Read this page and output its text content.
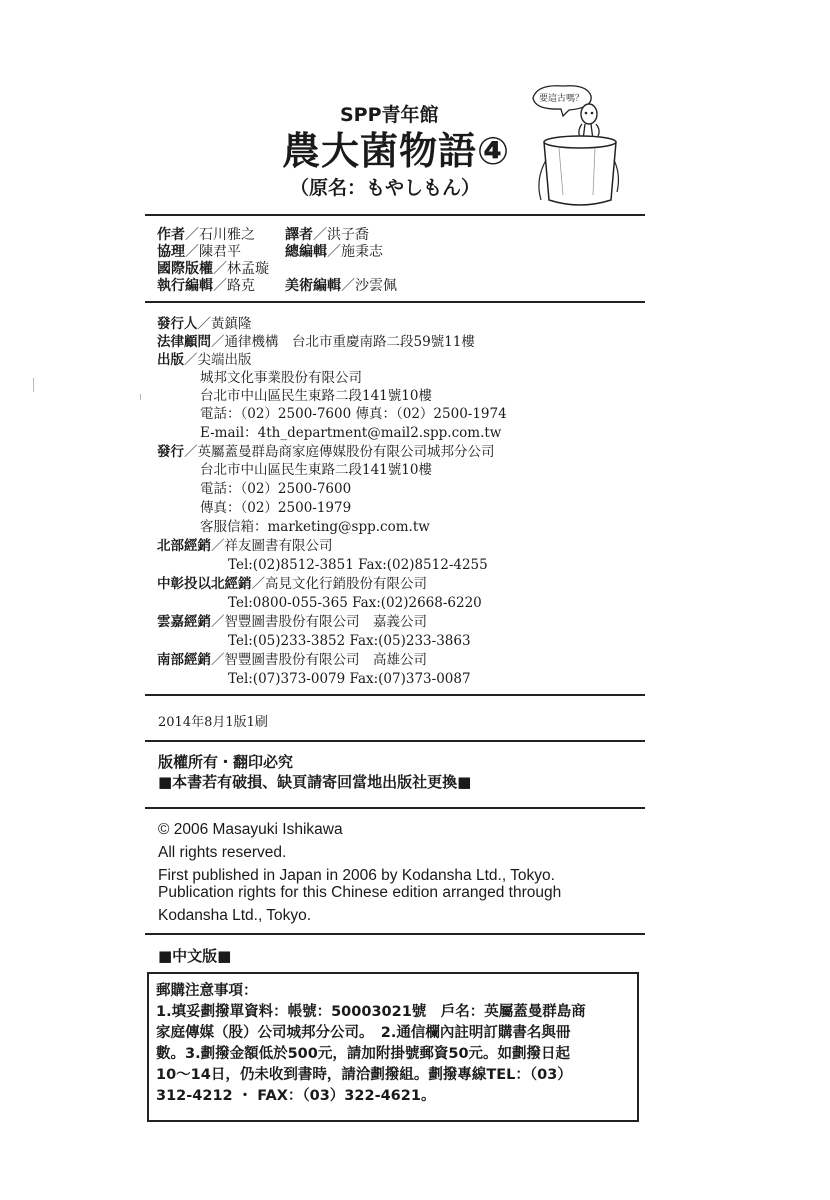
SPP青年館
農大菌物語④
（原名：もやしもん）
要這古嗎？
作者／石川雅之 譯者／洪子喬
協理／陳君平	總編輯／施秉志
國際版權／林孟璇
執行編輯／路克 美術編輯／沙雲佩
發行人／黃鎮隆
法律顧問／通律機構　台北市重慶南路二段59號11樓
出版／尖端出版
城邦文化事業股份有限公司
台北市中山區民生東路二段141號10樓
電話：（02）2500-7600 傳真：（02）2500-1974
E-mail：4th_department@mail2.spp.com.tw
發行／英屬蓋曼群島商家庭傳媒股份有限公司城邦分公司
台北市中山區民生東路二段141號10樓
電話：（02）2500-7600
傳真：（02）2500-1979
客服信箱：marketing@spp.com.tw
北部經銷／祥友圖書有限公司
Tel:(02)8512-3851 Fax:(02)8512-4255
中彰投以北經銷／高見文化行銷股份有限公司
Tel:0800-055-365 Fax:(02)2668-6220
雲嘉經銷／智豐圖書股份有限公司　嘉義公司
Tel:(05)233-3852 Fax:(05)233-3863
南部經銷／智豐圖書股份有限公司　高雄公司
Tel:(07)373-0079 Fax:(07)373-0087
2014年8月1版1刷
版權所有・翻印必究
■本書若有破損、缺頁請寄回當地出版社更換■
© 2006 Masayuki Ishikawa
All rights reserved.
First published in Japan in 2006 by Kodansha Ltd., Tokyo.
Publication rights for this Chinese edition arranged through
Kodansha Ltd., Tokyo.
■中文版■
郵購注意事項：
1.填妥劃撥單資料：帳號：50003021號　戶名：英屬蓋曼群島商
家庭傳媒（股）公司城邦分公司。　2.通信欄內註明訂購書名與冊
數。3.劃撥金額低於500元，請加附掛號郵資50元。如劃撥日起
10～14日，仍未收到書時，請洽劃撥組。劃撥專線TEL：（03）
312-4212 ・ FAX：（03）322-4621。
